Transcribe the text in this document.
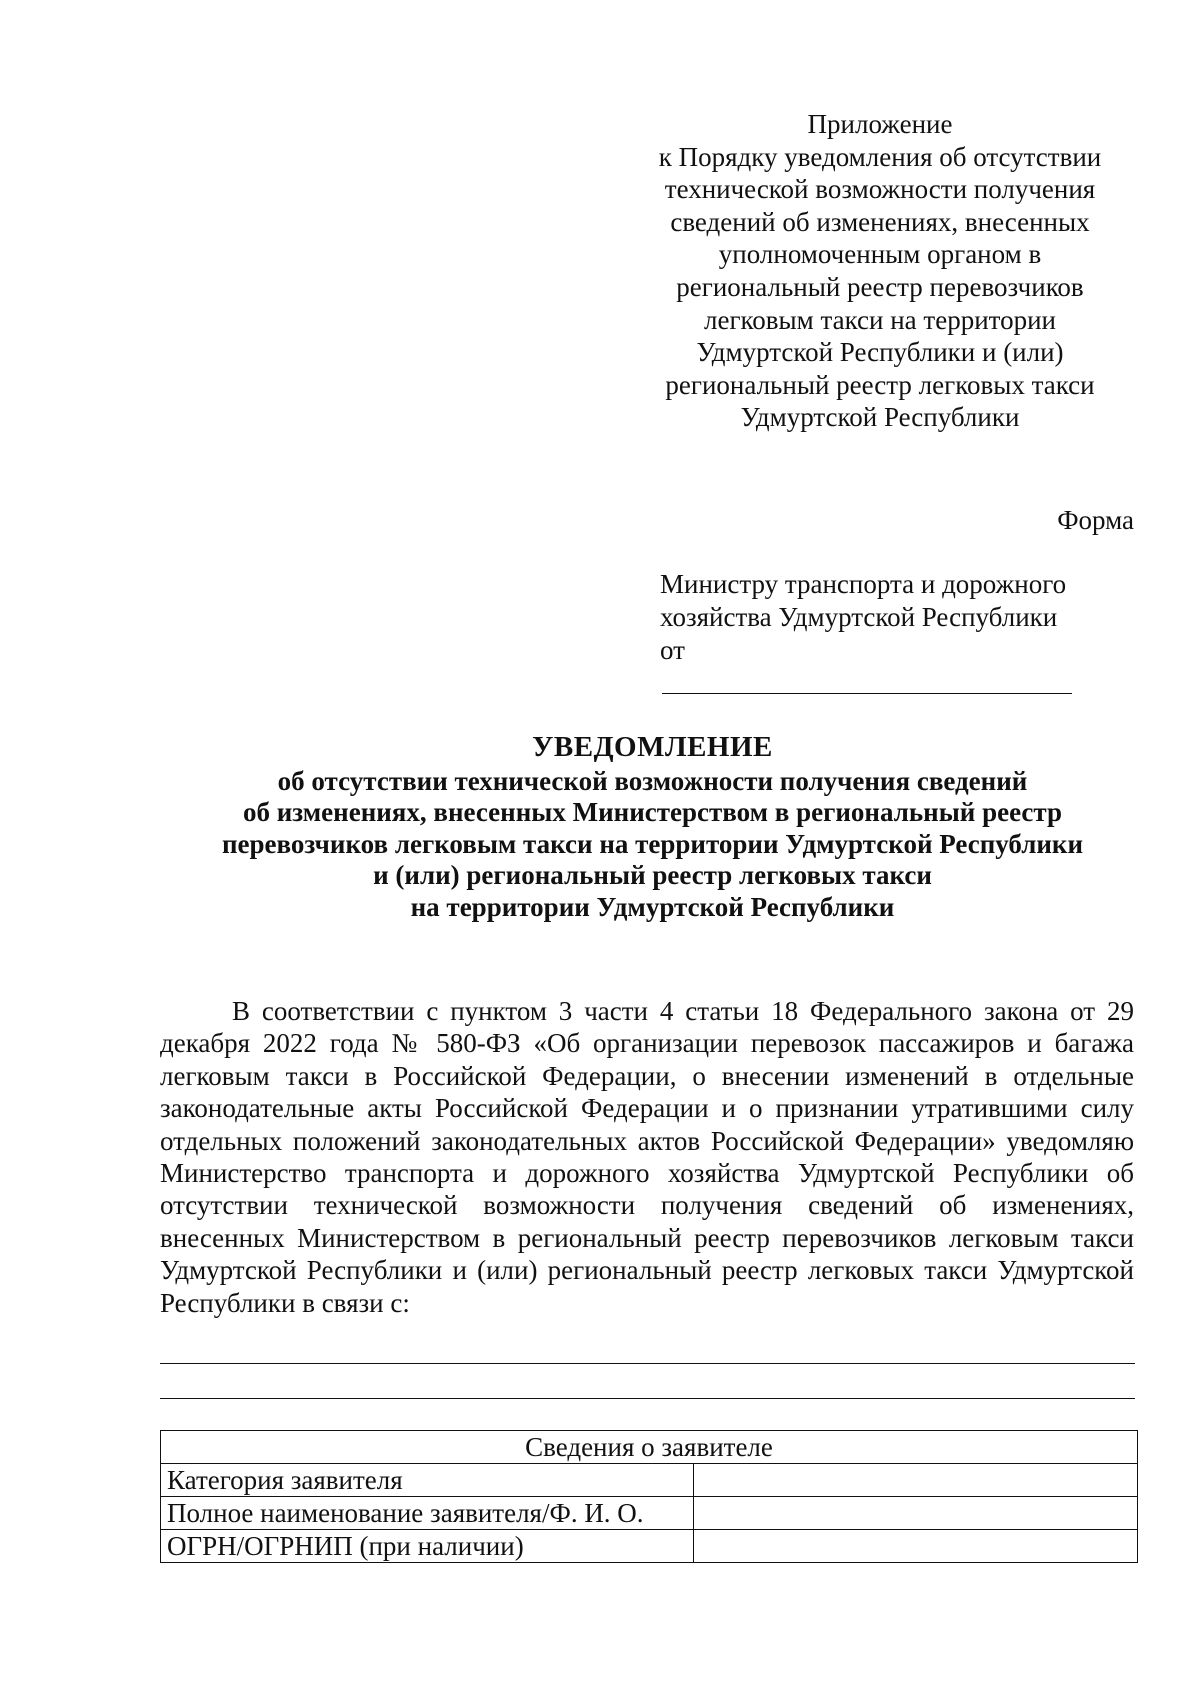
Приложение
к Порядку уведомления об отсутствии
технической возможности получения
сведений об изменениях, внесенных
уполномоченным органом в
региональный реестр перевозчиков
легковым такси на территории
Удмуртской Республики и (или)
региональный реестр легковых такси
Удмуртской Республики
Форма
Министру транспорта и дорожного
хозяйства Удмуртской Республики
от
УВЕДОМЛЕНИЕ
об отсутствии технической возможности получения сведений
об изменениях, внесенных Министерством в региональный реестр
перевозчиков легковым такси на территории Удмуртской Республики
и (или) региональный реестр легковых такси
на территории Удмуртской Республики

В соответствии с пунктом 3 части 4 статьи 18 Федерального закона от 29 декабря 2022 года № 580-ФЗ «Об организации перевозок пассажиров и багажа легковым такси в Российской Федерации, о внесении изменений в отдельные законодательные акты Российской Федерации и о признании утратившими силу отдельных положений законодательных актов Российской Федерации» уведомляю Министерство транспорта и дорожного хозяйства Удмуртской Республики об отсутствии технической возможности получения сведений об изменениях, внесенных Министерством в региональный реестр перевозчиков легковым такси Удмуртской Республики и (или) региональный реестр легковых такси Удмуртской Республики в связи с:

Сведения о заявителе	
Категория заявителя	
Полное наименование заявителя/Ф. И. О.	
ОГРН/ОГРНИП (при наличии)	
